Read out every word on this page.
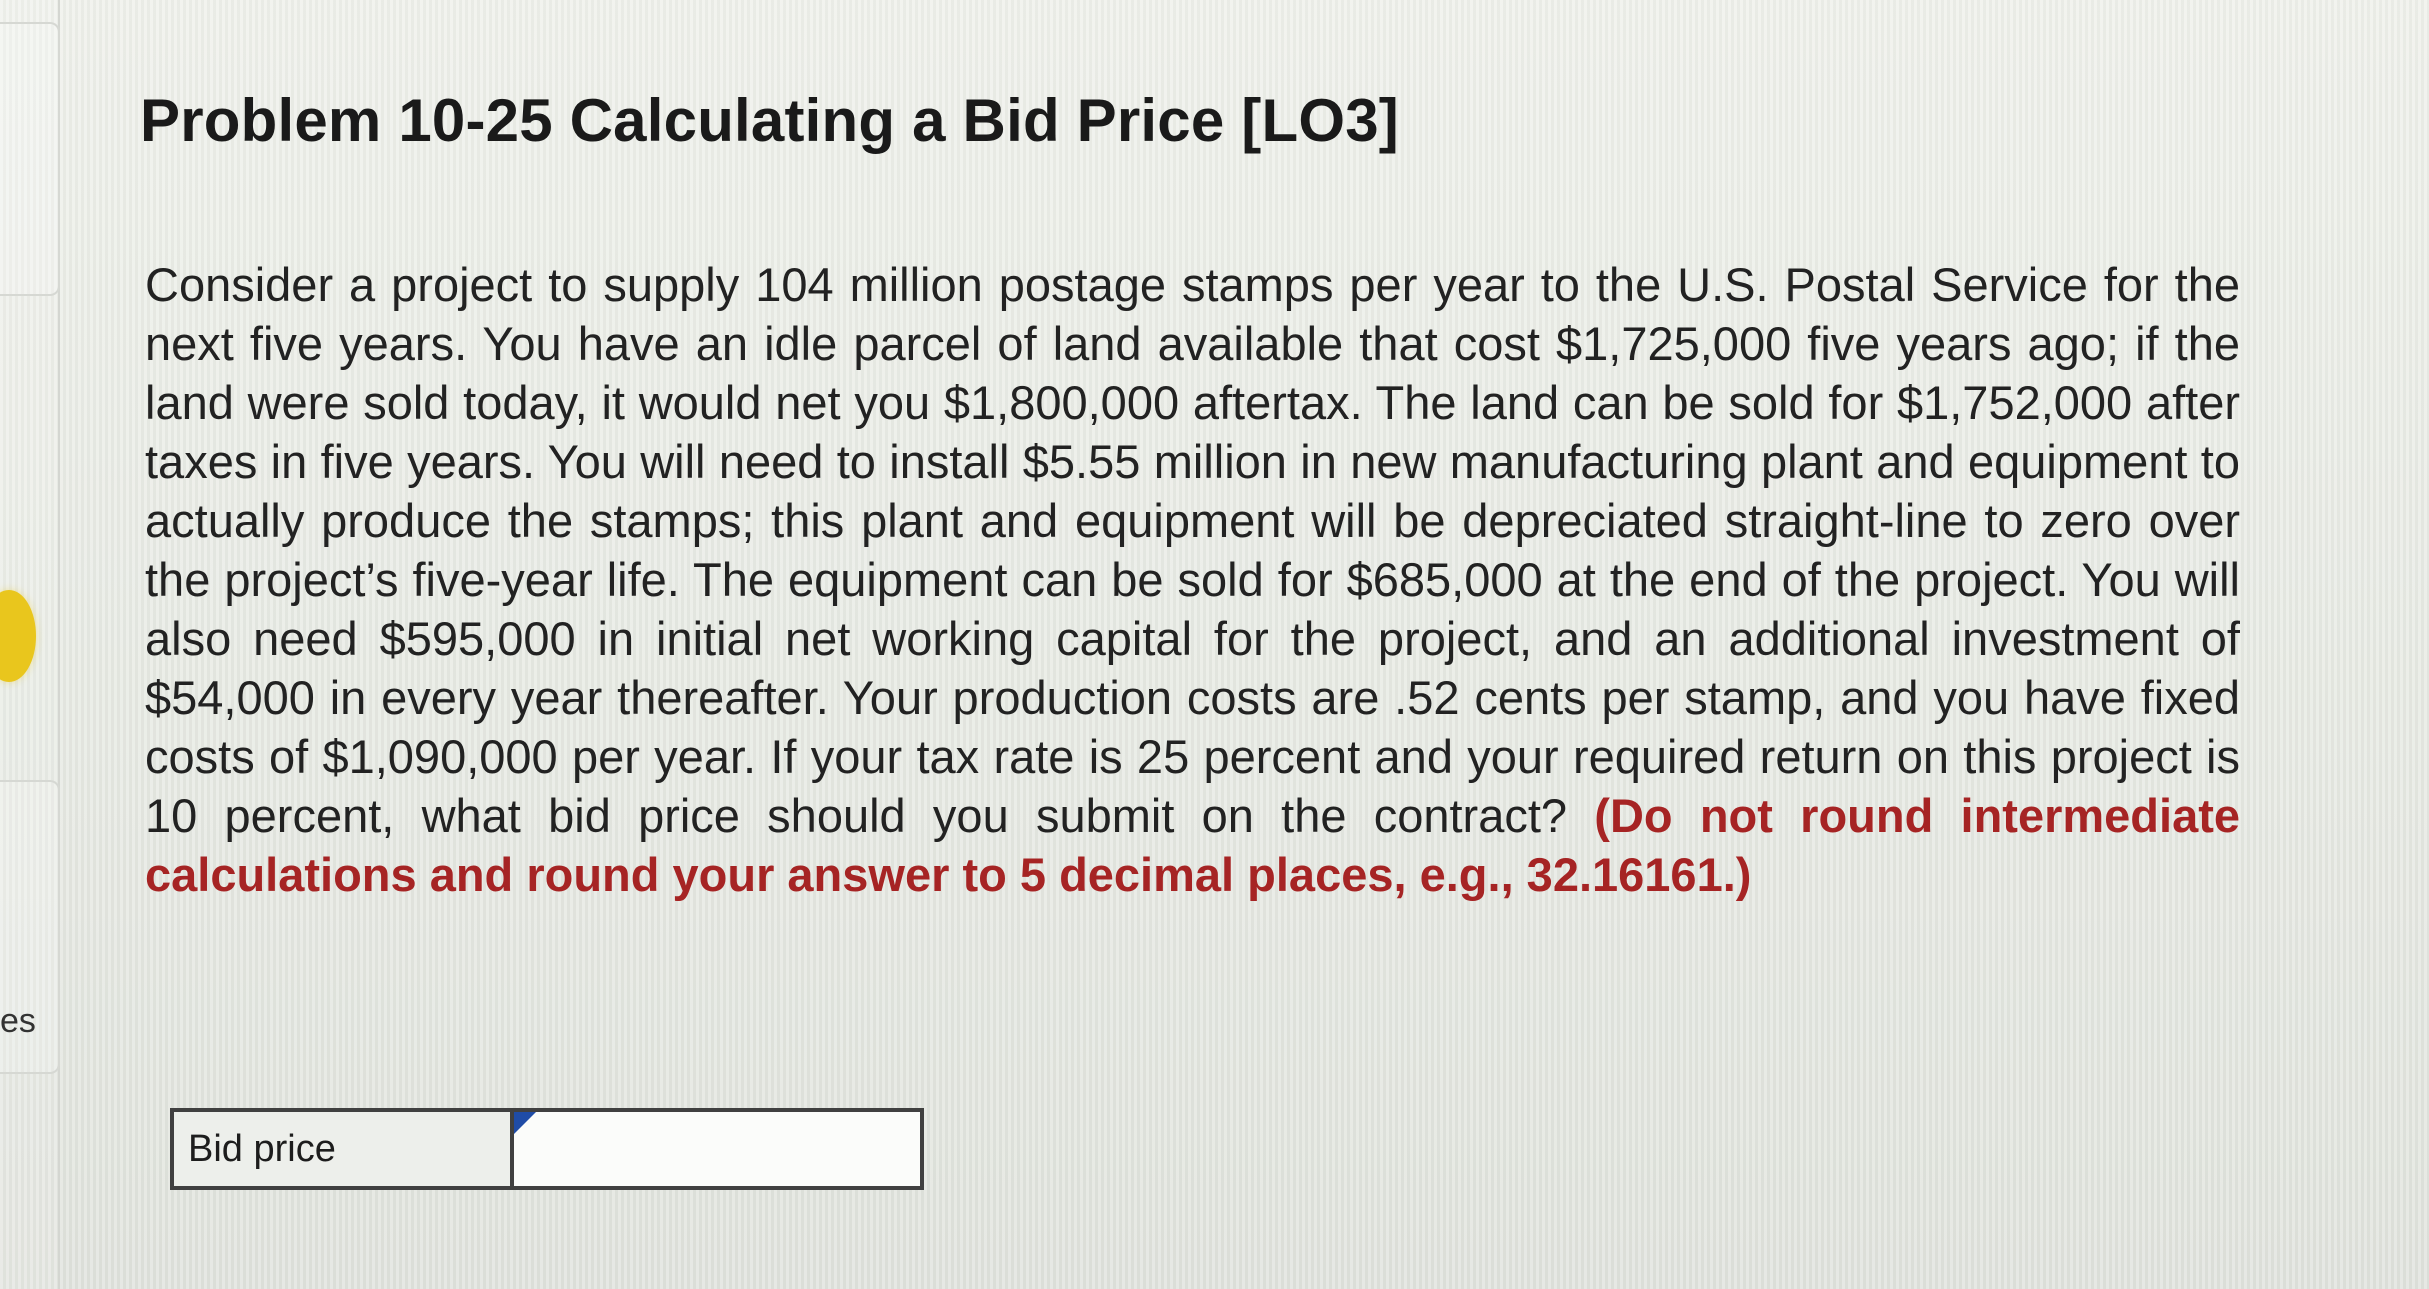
es
Problem 10-25 Calculating a Bid Price [LO3]

Consider a project to supply 104 million postage stamps per year to the U.S. Postal Service for the next five years. You have an idle parcel of land available that cost $1,725,000 five years ago; if the land were sold today, it would net you $1,800,000 aftertax. The land can be sold for $1,752,000 after taxes in five years. You will need to install $5.55 million in new manufacturing plant and equipment to actually produce the stamps; this plant and equipment will be depreciated straight-line to zero over the project’s five-year life. The equipment can be sold for $685,000 at the end of the project. You will also need $595,000 in initial net working capital for the project, and an additional investment of $54,000 in every year thereafter. Your production costs are .52 cents per stamp, and you have fixed costs of $1,090,000 per year. If your tax rate is 25 percent and your required return on this project is 10 percent, what bid price should you submit on the contract? (Do not round intermediate calculations and round your answer to 5 decimal places, e.g., 32.16161.)

Bid price
